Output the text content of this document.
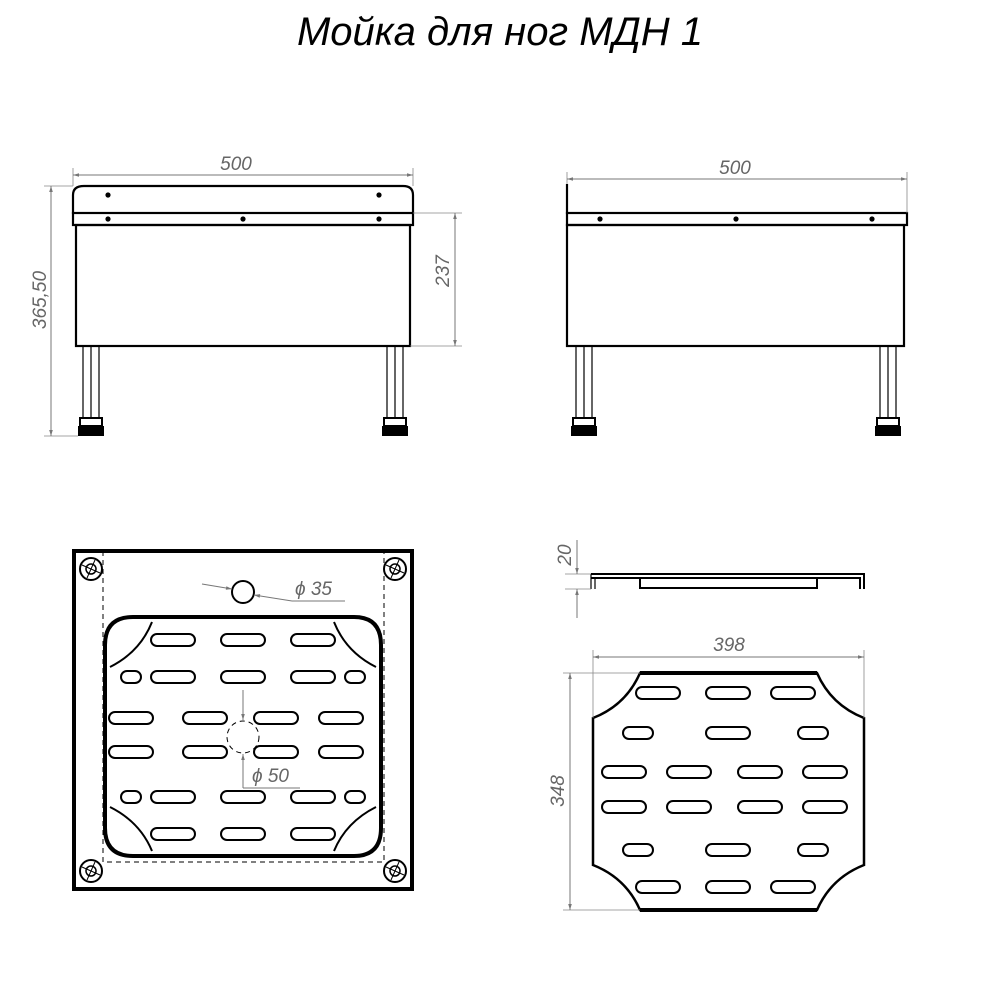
Мойка для ног МДН 1
500
365,50	237
500
ϕ 35
ϕ 50
20
398
348
